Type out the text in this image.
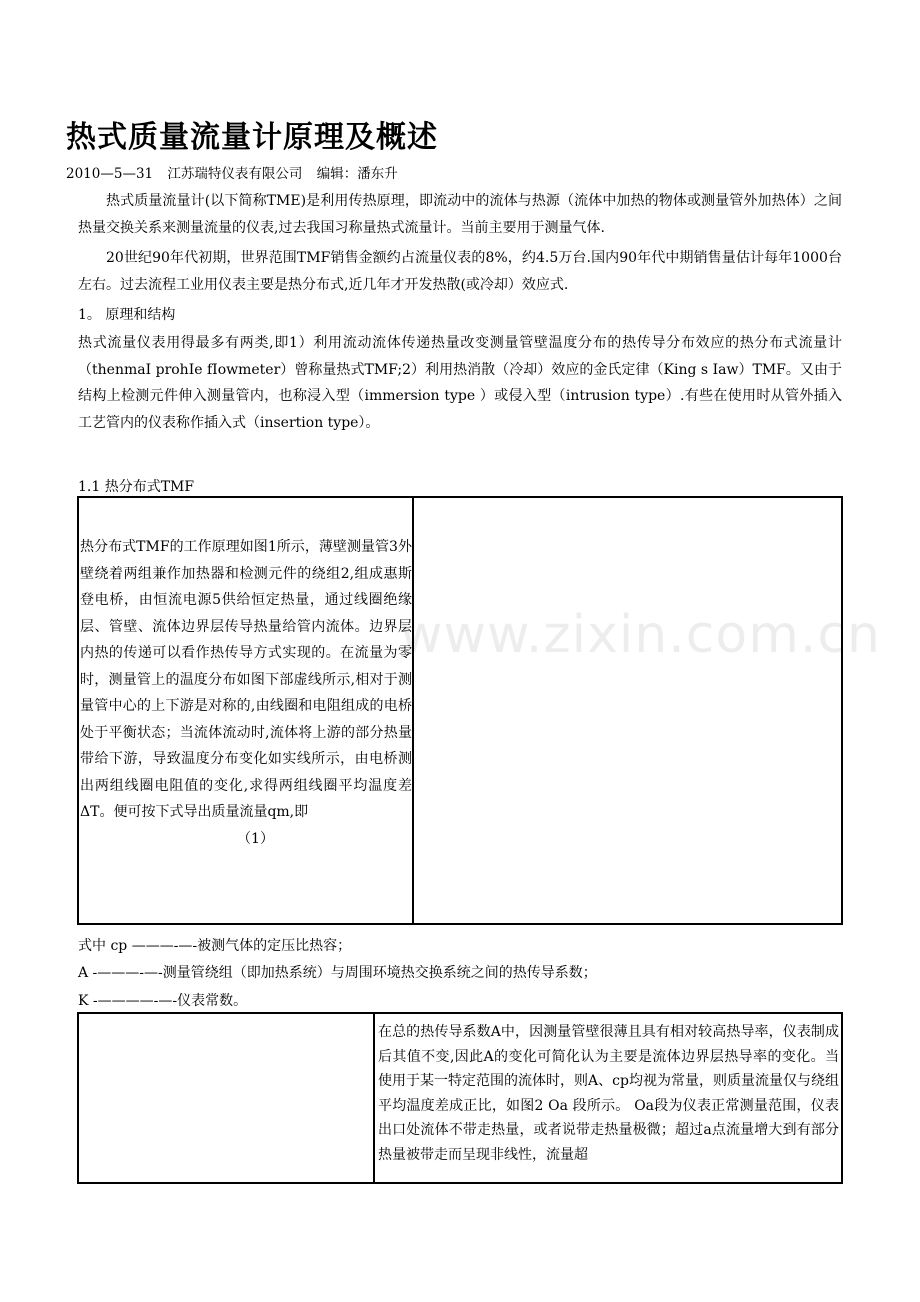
热式质量流量计原理及概述
2010—5—31 江苏瑞特仪表有限公司 编辑：潘东升

热式质量流量计(以下简称TME)是利用传热原理，即流动中的流体与热源（流体中加热的物体或测量管外加热体）之间热量交换关系来测量流量的仪表,过去我国习称量热式流量计。当前主要用于测量气体.

20世纪90年代初期，世界范围TMF销售金额约占流量仪表的8%，约4.5万台.国内90年代中期销售量估计每年1000台左右。过去流程工业用仪表主要是热分布式,近几年才开发热散(或冷却）效应式.

1。 原理和结构

热式流量仪表用得最多有两类,即1）利用流动流体传递热量改变测量管壁温度分布的热传导分布效应的热分布式流量计（thenmaI prohIe fIowmeter）曾称量热式TMF;2）利用热消散（冷却）效应的金氏定律（King s Iaw）TMF。又由于结构上检测元件伸入测量管内，也称浸入型（immersion type ）或侵入型（intrusion type）.有些在使用时从管外插入工艺管内的仪表称作插入式（insertion type）。

1.1 热分布式TMF

热分布式TMF的工作原理如图1所示，薄壁测量管3外壁绕着两组兼作加热器和检测元件的绕组2,组成惠斯登电桥，由恒流电源5供给恒定热量，通过线圈绝缘层、管壁、流体边界层传导热量给管内流体。边界层内热的传递可以看作热传导方式实现的。在流量为零时，测量管上的温度分布如图下部虚线所示,相对于测量管中心的上下游是对称的,由线圈和电阻组成的电桥处于平衡状态；当流体流动时,流体将上游的部分热量带给下游，导致温度分布变化如实线所示，由电桥测出两组线圈电阻值的变化,求得两组线圈平均温度差ΔT。便可按下式导出质量流量qm,即

（1）

式中 cp ———-—-被测气体的定压比热容；
A -———-—-测量管绕组（即加热系统）与周围环境热交换系统之间的热传导系数；
K -————-—-仪表常数。

在总的热传导系数A中，因测量管壁很薄且具有相对较高热导率，仪表制成后其值不变,因此A的变化可简化认为主要是流体边界层热导率的变化。当使用于某一特定范围的流体时，则A、cp均视为常量，则质量流量仅与绕组平均温度差成正比，如图2 Oa 段所示。 Oa段为仪表正常测量范围，仪表出口处流体不带走热量，或者说带走热量极微；超过a点流量增大到有部分热量被带走而呈现非线性，流量超

www.zixin.com.cn
